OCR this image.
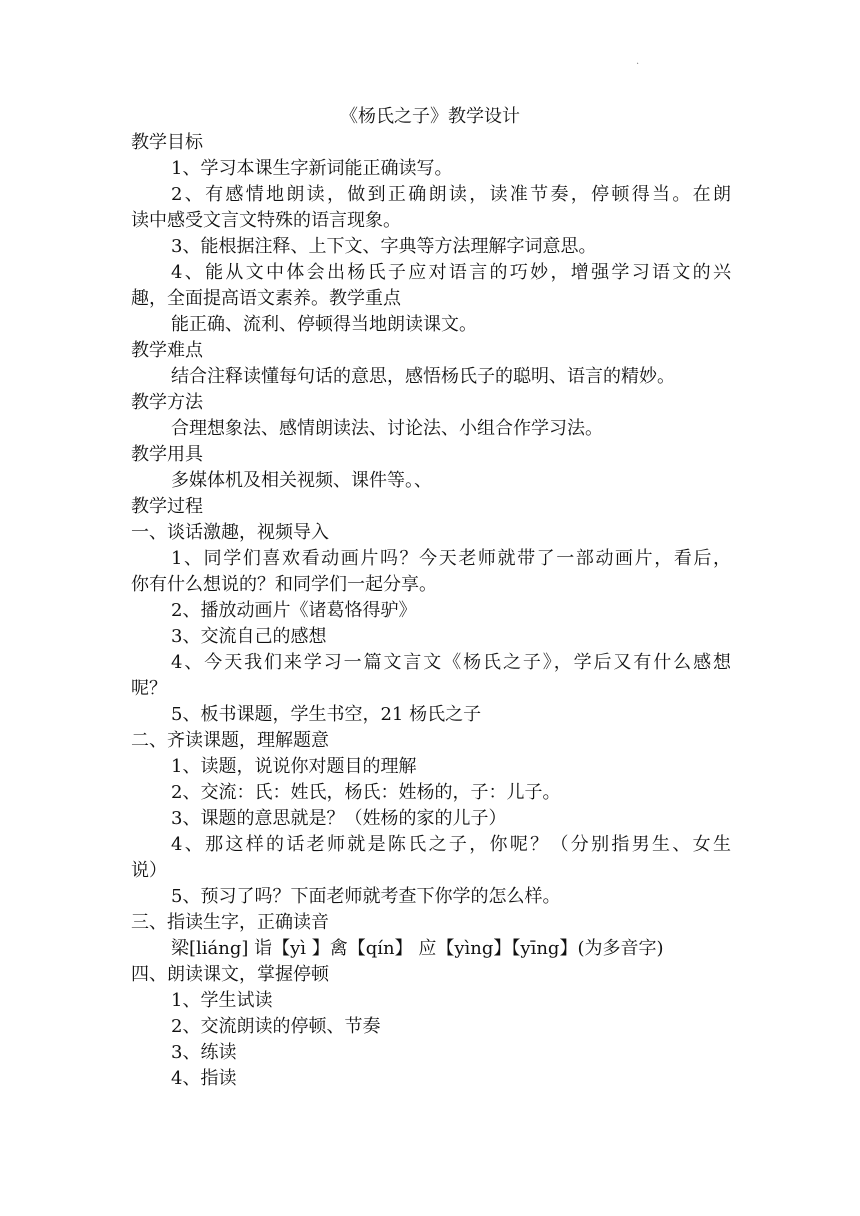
.
《杨氏之子》教学设计
教学目标
1、学习本课生字新词能正确读写。
2、有感情地朗读，做到正确朗读，读准节奏，停顿得当。在朗
读中感受文言文特殊的语言现象。
3、能根据注释、上下文、字典等方法理解字词意思。
4、能从文中体会出杨氏子应对语言的巧妙，增强学习语文的兴
趣，全面提高语文素养。教学重点
能正确、流利、停顿得当地朗读课文。
教学难点
结合注释读懂每句话的意思，感悟杨氏子的聪明、语言的精妙。
教学方法
合理想象法、感情朗读法、讨论法、小组合作学习法。
教学用具
多媒体机及相关视频、课件等。、
教学过程
一、谈话激趣，视频导入
1、同学们喜欢看动画片吗？今天老师就带了一部动画片，看后，
你有什么想说的？和同学们一起分享。
2、播放动画片《诸葛恪得驴》
3、交流自己的感想
4、今天我们来学习一篇文言文《杨氏之子》，学后又有什么感想
呢？
5、板书课题，学生书空，21 杨氏之子
二、齐读课题，理解题意
1、读题，说说你对题目的理解
2、交流：氏：姓氏，杨氏：姓杨的，子：儿子。
3、课题的意思就是？（姓杨的家的儿子）
4、那这样的话老师就是陈氏之子，你呢？（分别指男生、女生
说）
5、预习了吗？下面老师就考查下你学的怎么样。
三、指读生字，正确读音
梁[liáng] 诣【yì 】禽【qín】 应【yìng】【yīng】(为多音字)
四、朗读课文，掌握停顿
1、学生试读
2、交流朗读的停顿、节奏
3、练读
4、指读
